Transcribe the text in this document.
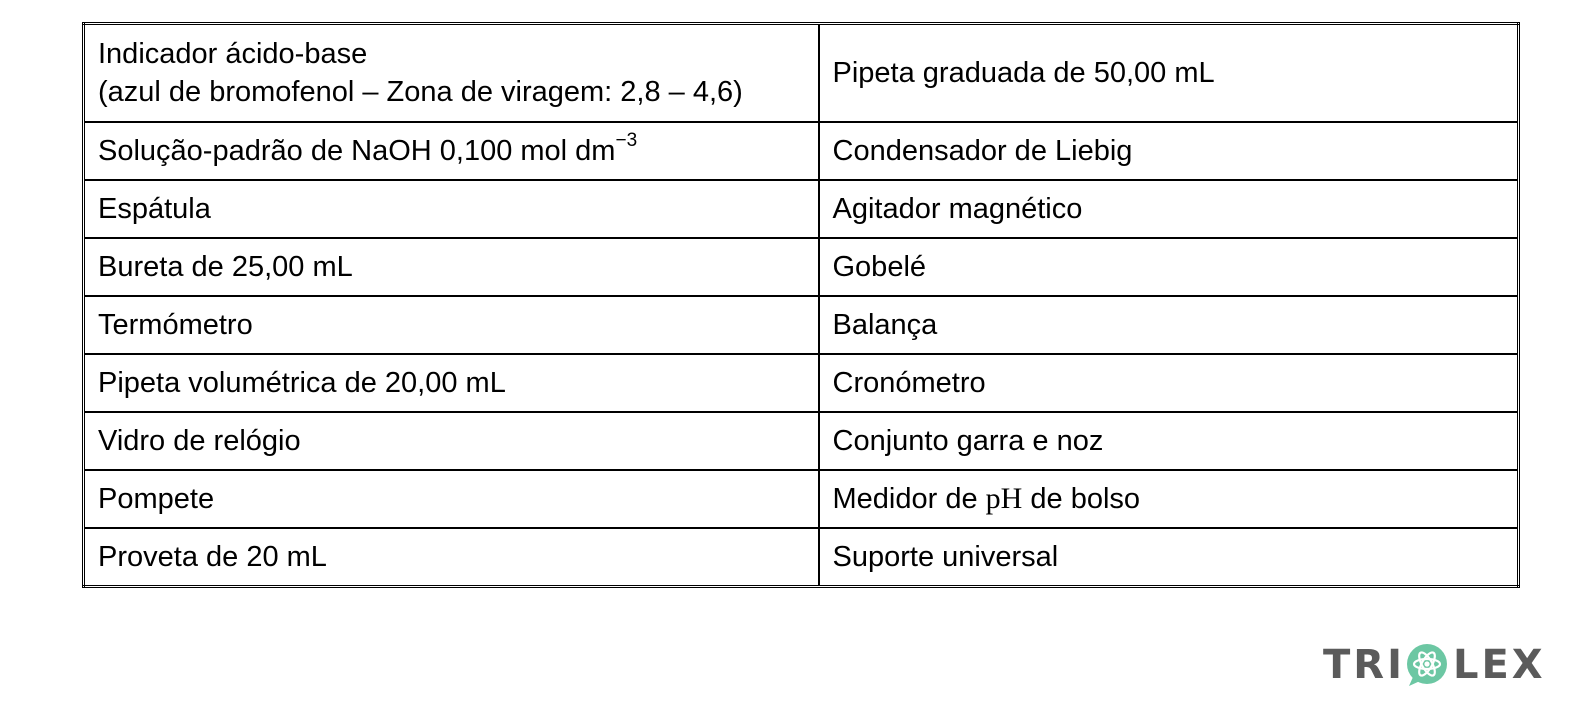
Indicador ácido-base
(azul de bromofenol – Zona de viragem: 2,8 – 4,6)	Pipeta graduada de 50,00 mL
Solução-padrão de NaOH 0,100 mol $dm^{-3}$	Condensador de Liebig
Espátula	Agitador magnético
Bureta de 25,00 mL	Gobelé
Termómetro	Balança
Pipeta volumétrica de 20,00 mL	Cronómetro
Vidro de relógio	Conjunto garra e noz
Pompete	Medidor de pH de bolso
Proveta de 20 mL	Suporte universal
TRI LEX
